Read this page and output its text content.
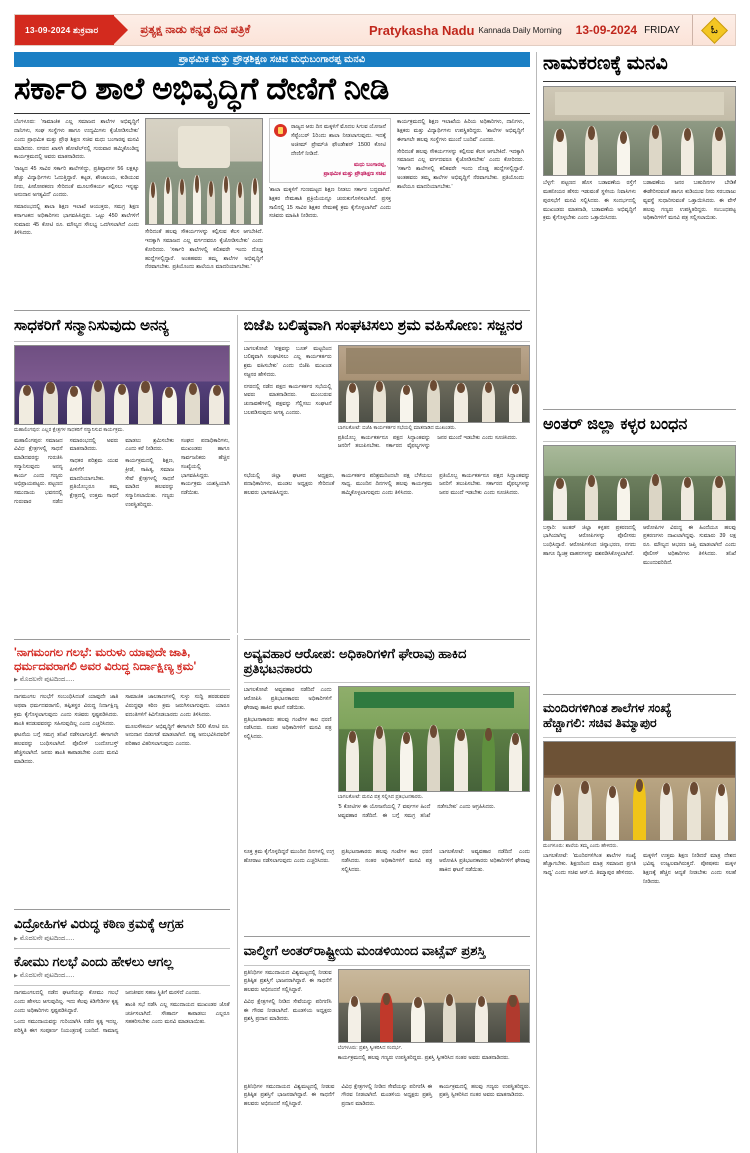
13-09-2024 ಶುಕ್ರವಾರ	ಪ್ರತ್ಯಕ್ಷ ನಾಡು ಕನ್ನಡ ದಿನ ಪತ್ರಿಕೆ	Pratykasha Nadu Kannada Daily Morning 13-09-2024 FRIDAY	ಓ
ಪ್ರಾಥಮಿಕ ಮತ್ತು ಪ್ರೌಢಶಿಕ್ಷಣ ಸಚಿವ ಮಧುಬಂಗಾರಪ್ಪ ಮನವಿ
ಸರ್ಕಾರಿ ಶಾಲೆ ಅಭಿವೃದ್ಧಿಗೆ ದೇಣಿಗೆ ನೀಡಿ

ಬೆಂಗಳೂರು: 'ಸಾಮಾಜಿಕ ಎಲ್ಲ ಸಮಾಜದ ಶಾಲೆಗಳ ಅಭಿವೃದ್ಧಿಗೆ ದಾನಿಗಳು, ಸಂಘ ಸಂಸ್ಥೆಗಳು ಹಾಗೂ ಉದ್ಯಮಿಗಳು ಕೈಜೋಡಿಸಬೇಕು' ಎಂದು ಪ್ರಾಥಮಿಕ ಮತ್ತು ಪ್ರೌಢ ಶಿಕ್ಷಣ ಸಚಿವ ಮಧು ಬಂಗಾರಪ್ಪ ಮನವಿ ಮಾಡಿದರು. ನಗರದ ಖಾಸಗಿ ಹೋಟೆಲ್‌ನಲ್ಲಿ ಗುರುವಾರ ಹಮ್ಮಿಕೊಂಡಿದ್ದ ಕಾರ್ಯಕ್ರಮದಲ್ಲಿ ಅವರು ಮಾತನಾಡಿದರು.

'ರಾಜ್ಯದ 45 ಸಾವಿರ ಸರ್ಕಾರಿ ಶಾಲೆಗಳಿದ್ದು, ಪ್ರತಿಷ್ಠಾನಗಳ 56 ಲಕ್ಷಕ್ಕೂ ಹೆಚ್ಚು ವಿದ್ಯಾರ್ಥಿಗಳು ಓದುತ್ತಿದ್ದಾರೆ. ಕಟ್ಟಡ, ಶೌಚಾಲಯ, ಕುಡಿಯುವ ನೀರು, ಪೀಠೋಪಕರಣ ಸೇರಿದಂತೆ ಮೂಲಸೌಕರ್ಯ ಕಲ್ಪಿಸಲು ಇನ್ನಷ್ಟು ಅನುದಾನ ಅಗತ್ಯವಿದೆ' ಎಂದರು.

ಸಮಾರಂಭದಲ್ಲಿ ಶಾಲಾ ಶಿಕ್ಷಣ ಇಲಾಖೆ ಆಯುಕ್ತರು, ಸಮಗ್ರ ಶಿಕ್ಷಣ ಕರ್ನಾಟಕದ ಅಧಿಕಾರಿಗಳು ಭಾಗವಹಿಸಿದ್ದರು. ಒಟ್ಟು 450 ಶಾಲೆಗಳಿಗೆ ಸುಮಾರು 45 ಕೋಟಿ ರೂ. ಮೌಲ್ಯದ ಸೌಲಭ್ಯ ಒದಗಿಸಲಾಗಿದೆ ಎಂದು ತಿಳಿಸಿದರು.	ಸೇರಿದಂತೆ ಹಲವು ಸೌಕರ್ಯಗಳನ್ನು ಕಲ್ಪಿಸುವ ಕೆಲಸ ಆಗಬೇಕಿದೆ. ಇದಕ್ಕಾಗಿ ಸಮಾಜದ ಎಲ್ಲ ವರ್ಗದವರೂ ಕೈಜೋಡಿಸಬೇಕು' ಎಂದು ಕೋರಿದರು. 'ಸರ್ಕಾರಿ ಶಾಲೆಗಳಲ್ಲಿ ಕಲಿತವರೇ ಇಂದು ದೊಡ್ಡ ಹುದ್ದೆಗಳಲ್ಲಿದ್ದಾರೆ. ಅಂತಹವರು ತಮ್ಮ ಶಾಲೆಗಳ ಅಭಿವೃದ್ಧಿಗೆ ನೆರವಾಗಬೇಕು. ಪ್ರತಿಯೊಂದು ಶಾಲೆಯೂ ಮಾದರಿಯಾಗಬೇಕು.'

ರಾಜ್ಯದ ಆರು ದಿನ ಮಕ್ಕಳಿಗೆ ಮೊದಲ ಸಿಗುವ ಯೋಜನೆ ಸೆಪ್ಟೆಂಬರ್ 1ರಿಂದು ಶಾಲಾ ನೀಡಲಾಗುವುದು. ಇದಕ್ಕೆ ಅಜೀಮ್ ಪ್ರೇಮ್‌ಜಿ ಫೌಂಡೇಶನ್ 1500 ಕೋಟಿ ದೇಣಿಗೆ ನೀಡಿದೆ.
ಮಧು ಬಂಗಾರಪ್ಪ,
ಪ್ರಾಥಮಿಕ ಮತ್ತು ಪ್ರೌಢಶಿಕ್ಷಣ ಸಚಿವ

'ಶಾಲಾ ಮಕ್ಕಳಿಗೆ ಗುಣಮಟ್ಟದ ಶಿಕ್ಷಣ ನೀಡಲು ಸರ್ಕಾರ ಬದ್ಧವಾಗಿದೆ. ಶಿಕ್ಷಕರ ನೇಮಕಾತಿ ಪ್ರಕ್ರಿಯೆಯನ್ನೂ ಚುರುಕುಗೊಳಿಸಲಾಗಿದೆ. ಪ್ರಸಕ್ತ ಸಾಲಿನಲ್ಲಿ 15 ಸಾವಿರ ಶಿಕ್ಷಕರ ನೇಮಕಕ್ಕೆ ಕ್ರಮ ಕೈಗೊಳ್ಳಲಾಗಿದೆ' ಎಂದು ಸಚಿವರು ಮಾಹಿತಿ ನೀಡಿದರು.

ಕಾರ್ಯಕ್ರಮದಲ್ಲಿ ಶಿಕ್ಷಣ ಇಲಾಖೆಯ ಹಿರಿಯ ಅಧಿಕಾರಿಗಳು, ದಾನಿಗಳು, ಶಿಕ್ಷಕರು ಮತ್ತು ವಿದ್ಯಾರ್ಥಿಗಳು ಉಪಸ್ಥಿತರಿದ್ದರು. 'ಶಾಲೆಗಳ ಅಭಿವೃದ್ಧಿಗೆ ಈಗಾಗಲೇ ಹಲವು ಸಂಸ್ಥೆಗಳು ಮುಂದೆ ಬಂದಿವೆ' ಎಂದರು.

ಸೇರಿದಂತೆ ಹಲವು ಸೌಕರ್ಯಗಳನ್ನು ಕಲ್ಪಿಸುವ ಕೆಲಸ ಆಗಬೇಕಿದೆ. ಇದಕ್ಕಾಗಿ ಸಮಾಜದ ಎಲ್ಲ ವರ್ಗದವರೂ ಕೈಜೋಡಿಸಬೇಕು' ಎಂದು ಕೋರಿದರು. 'ಸರ್ಕಾರಿ ಶಾಲೆಗಳಲ್ಲಿ ಕಲಿತವರೇ ಇಂದು ದೊಡ್ಡ ಹುದ್ದೆಗಳಲ್ಲಿದ್ದಾರೆ. ಅಂತಹವರು ತಮ್ಮ ಶಾಲೆಗಳ ಅಭಿವೃದ್ಧಿಗೆ ನೆರವಾಗಬೇಕು. ಪ್ರತಿಯೊಂದು ಶಾಲೆಯೂ ಮಾದರಿಯಾಗಬೇಕು.'

ಸಾಧಕರಿಗೆ ಸನ್ಮಾನಿಸುವುದು ಅನನ್ಯ
ಮಹಾಲಿಂಗಪುರ: ಎಲ್ಲರ ಕ್ಷೇತ್ರಗಳ ಸಾಧಕರಿಗೆ ಸನ್ಮಾನಿಸುವ ಕಾರ್ಯಕ್ರಮ.

ಮಹಾಲಿಂಗಪುರ: ಸಮಾಜದ ವಿವಿಧ ಕ್ಷೇತ್ರಗಳಲ್ಲಿ ಸಾಧನೆ ಮಾಡಿದವರನ್ನು ಗುರುತಿಸಿ ಸನ್ಮಾನಿಸುವುದು ಅನನ್ಯ ಕಾರ್ಯ ಎಂದು ಗಣ್ಯರು ಅಭಿಪ್ರಾಯಪಟ್ಟರು. ಪಟ್ಟಣದ ಸಮುದಾಯ ಭವನದಲ್ಲಿ ಗುರುವಾರ ನಡೆದ ಸಮಾರಂಭದಲ್ಲಿ ಅವರು ಮಾತನಾಡಿದರು.

ಸಾಧಕರ ಪರಿಶ್ರಮ ಯುವ ಪೀಳಿಗೆಗೆ ಮಾದರಿಯಾಗಬೇಕು. ಪ್ರತಿಯೊಬ್ಬರೂ ತಮ್ಮ ಕ್ಷೇತ್ರದಲ್ಲಿ ಉತ್ತಮ ಸಾಧನೆ ಮಾಡಲು ಶ್ರಮಿಸಬೇಕು ಎಂದು ಕರೆ ನೀಡಿದರು.

ಕಾರ್ಯಕ್ರಮದಲ್ಲಿ ಶಿಕ್ಷಣ, ಕ್ರೀಡೆ, ಸಾಹಿತ್ಯ, ಸಮಾಜ ಸೇವೆ ಕ್ಷೇತ್ರಗಳಲ್ಲಿ ಸಾಧನೆ ಮಾಡಿದ ಹಲವರನ್ನು ಸನ್ಮಾನಿಸಲಾಯಿತು. ಗಣ್ಯರು ಉಪಸ್ಥಿತರಿದ್ದರು.

ಸಂಘದ ಪದಾಧಿಕಾರಿಗಳು, ಮುಖಂಡರು ಹಾಗೂ ಸಾರ್ವಜನಿಕರು ಹೆಚ್ಚಿನ ಸಂಖ್ಯೆಯಲ್ಲಿ ಭಾಗವಹಿಸಿದ್ದರು. ಕಾರ್ಯಕ್ರಮ ಯಶಸ್ವಿಯಾಗಿ ನಡೆಯಿತು.

ಬಿಜೆಪಿ ಬಲಿಷ್ಠವಾಗಿ ಸಂಘಟಿಸಲು ಶ್ರಮ ವಹಿಸೋಣ: ಸಜ್ಜನರ

ಬಾಗಲಕೋಟೆ: 'ಪಕ್ಷವನ್ನು ಬೂತ್ ಮಟ್ಟದಿಂದ ಬಲಿಷ್ಠವಾಗಿ ಸಂಘಟಿಸಲು ಎಲ್ಲ ಕಾರ್ಯಕರ್ತರು ಶ್ರಮ ವಹಿಸಬೇಕು' ಎಂದು ಬಿಜೆಪಿ ಮುಖಂಡ ಸಜ್ಜನರ ಹೇಳಿದರು.

ನಗರದಲ್ಲಿ ನಡೆದ ಪಕ್ಷದ ಕಾರ್ಯಕರ್ತರ ಸಭೆಯಲ್ಲಿ ಅವರು ಮಾತನಾಡಿದರು. ಮುಂಬರುವ ಚುನಾವಣೆಗಳಲ್ಲಿ ಪಕ್ಷವನ್ನು ಗೆಲ್ಲಿಸಲು ಸಂಘಟನೆ ಬಲಪಡಿಸುವುದು ಅಗತ್ಯ ಎಂದರು.

ಬಾಗಲಕೋಟೆ: ಬಿಜೆಪಿ ಕಾರ್ಯಕರ್ತರ ಸಭೆಯಲ್ಲಿ ಮಾತನಾಡಿದ ಮುಖಂಡರು.

ಪ್ರತಿಯೊಬ್ಬ ಕಾರ್ಯಕರ್ತನೂ ಪಕ್ಷದ ಸಿದ್ಧಾಂತವನ್ನು ಜನರಿಗೆ ತಲುಪಿಸಬೇಕು. ಸರ್ಕಾರದ ವೈಫಲ್ಯಗಳನ್ನು ಜನರ ಮುಂದೆ ಇಡಬೇಕು ಎಂದು ಸೂಚಿಸಿದರು.

ಸಭೆಯಲ್ಲಿ ಜಿಲ್ಲಾ ಘಟಕದ ಅಧ್ಯಕ್ಷರು, ಪದಾಧಿಕಾರಿಗಳು, ಮಂಡಲ ಅಧ್ಯಕ್ಷರು ಸೇರಿದಂತೆ ಹಲವರು ಭಾಗವಹಿಸಿದ್ದರು.

ಕಾರ್ಯಕರ್ತರ ಪರಿಶ್ರಮದಿಂದಲೇ ಪಕ್ಷ ಬೆಳೆಯಲು ಸಾಧ್ಯ. ಮುಂದಿನ ದಿನಗಳಲ್ಲಿ ಹಲವು ಕಾರ್ಯಕ್ರಮ ಹಮ್ಮಿಕೊಳ್ಳಲಾಗುವುದು ಎಂದು ತಿಳಿಸಿದರು.

ಪ್ರತಿಯೊಬ್ಬ ಕಾರ್ಯಕರ್ತನೂ ಪಕ್ಷದ ಸಿದ್ಧಾಂತವನ್ನು ಜನರಿಗೆ ತಲುಪಿಸಬೇಕು. ಸರ್ಕಾರದ ವೈಫಲ್ಯಗಳನ್ನು ಜನರ ಮುಂದೆ ಇಡಬೇಕು ಎಂದು ಸೂಚಿಸಿದರು.

'ನಾಗಮಂಗಲ ಗಲಭೆ: ಮರುಳು ಯಾವುದೇ ಜಾತಿ,
ಧರ್ಮದವರಾಗಲಿ ಅವರ ವಿರುದ್ಧ ನಿರ್ದಾಕ್ಷಿಣ್ಯ ಕ್ರಮ'
▶ ಮೊದಲನೇ ಪುಟದಿಂದ.....

ನಾಗಮಂಗಲ ಗಲಭೆಗೆ ಸಂಬಂಧಿಸಿದಂತೆ ಯಾವುದೇ ಜಾತಿ ಅಥವಾ ಧರ್ಮದವರಾಗಲಿ, ತಪ್ಪಿತಸ್ಥರ ವಿರುದ್ಧ ನಿರ್ದಾಕ್ಷಿಣ್ಯ ಕ್ರಮ ಕೈಗೊಳ್ಳಲಾಗುವುದು ಎಂದು ಸಚಿವರು ಸ್ಪಷ್ಟಪಡಿಸಿದರು. ಶಾಂತಿ ಕದಡುವವರನ್ನು ಸಹಿಸುವುದಿಲ್ಲ ಎಂದು ಎಚ್ಚರಿಸಿದರು.

ಘಟನೆಯ ಬಗ್ಗೆ ಸಮಗ್ರ ತನಿಖೆ ನಡೆಸಲಾಗುತ್ತಿದೆ. ಈಗಾಗಲೇ ಹಲವರನ್ನು ಬಂಧಿಸಲಾಗಿದೆ. ಪೊಲೀಸ್ ಬಂದೋಬಸ್ತ್ ಹೆಚ್ಚಿಸಲಾಗಿದೆ. ಜನರು ಶಾಂತಿ ಕಾಪಾಡಬೇಕು ಎಂದು ಮನವಿ ಮಾಡಿದರು.

ಸಾಮಾಜಿಕ ಜಾಲತಾಣಗಳಲ್ಲಿ ಸುಳ್ಳು ಸುದ್ದಿ ಹರಡುವವರ ವಿರುದ್ಧವೂ ಕಠಿಣ ಕ್ರಮ ಜರುಗಿಸಲಾಗುವುದು. ಯಾರೂ ವದಂತಿಗಳಿಗೆ ಕಿವಿಗೊಡಬಾರದು ಎಂದು ತಿಳಿಸಿದರು.

ಮೂಲಸೌಕರ್ಯ ಅಭಿವೃದ್ಧಿಗೆ ಈಗಾಗಲೇ 500 ಕೋಟಿ ರೂ. ಅನುದಾನ ಬಿಡುಗಡೆ ಮಾಡಲಾಗಿದೆ. ನಷ್ಟ ಅನುಭವಿಸಿದವರಿಗೆ ಪರಿಹಾರ ವಿತರಿಸಲಾಗುವುದು ಎಂದರು.

ವಿದ್ರೋಹಿಗಳ ವಿರುದ್ಧ ಕಠಿಣ ಕ್ರಮಕ್ಕೆ ಆಗ್ರಹ
▶ ಮೊದಲನೇ ಪುಟದಿಂದ.....
ಕೋಮು ಗಲಭೆ ಎಂದು ಹೇಳಲು ಆಗಲ್ಲ
▶ ಮೊದಲನೇ ಪುಟದಿಂದ.....

ನಾಗಮಂಗಲದಲ್ಲಿ ನಡೆದ ಘಟನೆಯನ್ನು ಕೋಮು ಗಲಭೆ ಎಂದು ಹೇಳಲು ಆಗುವುದಿಲ್ಲ. ಇದು ಕೆಲವು ಕಿಡಿಗೇಡಿಗಳ ಕೃತ್ಯ ಎಂದು ಅಧಿಕಾರಿಗಳು ಸ್ಪಷ್ಟಪಡಿಸಿದ್ದಾರೆ.

ಒಂದು ಸಮುದಾಯವನ್ನು ಗುರಿಯಾಗಿಸಿ ನಡೆದ ಕೃತ್ಯ ಇದಲ್ಲ. ಪರಿಸ್ಥಿತಿ ಈಗ ಸಂಪೂರ್ಣ ನಿಯಂತ್ರಣಕ್ಕೆ ಬಂದಿದೆ. ಸಾಮಾನ್ಯ ಜನಜೀವನ ಸಹಜ ಸ್ಥಿತಿಗೆ ಮರಳಿದೆ ಎಂದರು.

ಶಾಂತಿ ಸಭೆ ನಡೆಸಿ ಎಲ್ಲ ಸಮುದಾಯದ ಮುಖಂಡರ ಜೊತೆ ಚರ್ಚಿಸಲಾಗಿದೆ. ಸೌಹಾರ್ದ ಕಾಪಾಡಲು ಎಲ್ಲರೂ ಸಹಕರಿಸಬೇಕು ಎಂದು ಮನವಿ ಮಾಡಲಾಯಿತು.

ಅವ್ಯವಹಾರ ಆರೋಪ: ಅಧಿಕಾರಿಗಳಿಗೆ ಘೇರಾವು ಹಾಕಿದ ಪ್ರತಿಭಟನಕಾರರು

ಬಾಗಲಕೋಟೆ: ಅವ್ಯವಹಾರ ನಡೆದಿದೆ ಎಂದು ಆರೋಪಿಸಿ ಪ್ರತಿಭಟನಕಾರರು ಅಧಿಕಾರಿಗಳಿಗೆ ಘೇರಾವು ಹಾಕಿದ ಘಟನೆ ನಡೆಯಿತು.

ಪ್ರತಿಭಟನಾಕಾರರು ಹಲವು ಗಂಟೆಗಳ ಕಾಲ ಧರಣಿ ನಡೆಸಿದರು. ನಂತರ ಅಧಿಕಾರಿಗಳಿಗೆ ಮನವಿ ಪತ್ರ ಸಲ್ಲಿಸಿದರು.

ಬಾಗಲಕೋಟೆ: ಮನವಿ ಪತ್ರ ಸಲ್ಲಿಸಿದ ಪ್ರತಿಭಟನಕಾರರು.

'5 ಕೋಟಿಗಳ ಈ ಯೋಜನೆಯಲ್ಲಿ 7 ವರ್ಷಗಳ ಹಿಂದೆ ಅವ್ಯವಹಾರ ನಡೆದಿದೆ. ಈ ಬಗ್ಗೆ ಸಮಗ್ರ ತನಿಖೆ ನಡೆಸಬೇಕು' ಎಂದು ಆಗ್ರಹಿಸಿದರು.

ಸೂಕ್ತ ಕ್ರಮ ಕೈಗೊಳ್ಳದಿದ್ದರೆ ಮುಂದಿನ ದಿನಗಳಲ್ಲಿ ಉಗ್ರ ಹೋರಾಟ ನಡೆಸಲಾಗುವುದು ಎಂದು ಎಚ್ಚರಿಸಿದರು.

ಪ್ರತಿಭಟನಾಕಾರರು ಹಲವು ಗಂಟೆಗಳ ಕಾಲ ಧರಣಿ ನಡೆಸಿದರು. ನಂತರ ಅಧಿಕಾರಿಗಳಿಗೆ ಮನವಿ ಪತ್ರ ಸಲ್ಲಿಸಿದರು.

ಬಾಗಲಕೋಟೆ: ಅವ್ಯವಹಾರ ನಡೆದಿದೆ ಎಂದು ಆರೋಪಿಸಿ ಪ್ರತಿಭಟನಕಾರರು ಅಧಿಕಾರಿಗಳಿಗೆ ಘೇರಾವು ಹಾಕಿದ ಘಟನೆ ನಡೆಯಿತು.

ವಾಲ್ಮೀಗೆ ಅಂತರ್‌ರಾಷ್ಟ್ರೀಯ ಮಂಡಳಿಯಿಂದ ವಾಟ್ಸೆವ್ ಪ್ರಶಸ್ತಿ

ಪ್ರತಿನಿಧಿಗಳ ಸಮುದಾಯದ ವಿಶ್ವಮಟ್ಟದಲ್ಲಿ ನೀಡುವ ಪ್ರತಿಷ್ಠಿತ ಪ್ರಶಸ್ತಿಗೆ ಭಾಜನರಾಗಿದ್ದಾರೆ. ಈ ಸಾಧನೆಗೆ ಹಲವರು ಅಭಿನಂದನೆ ಸಲ್ಲಿಸಿದ್ದಾರೆ.

ವಿವಿಧ ಕ್ಷೇತ್ರಗಳಲ್ಲಿ ನೀಡಿದ ಸೇವೆಯನ್ನು ಪರಿಗಣಿಸಿ ಈ ಗೌರವ ನೀಡಲಾಗಿದೆ. ಮಂಡಳಿಯ ಅಧ್ಯಕ್ಷರು ಪ್ರಶಸ್ತಿ ಪ್ರದಾನ ಮಾಡಿದರು.

ಬೆಂಗಳೂರು: ಪ್ರಶಸ್ತಿ ಸ್ವೀಕರಿಸಿದ ಸಂದರ್ಭ.

ಕಾರ್ಯಕ್ರಮದಲ್ಲಿ ಹಲವು ಗಣ್ಯರು ಉಪಸ್ಥಿತರಿದ್ದರು. ಪ್ರಶಸ್ತಿ ಸ್ವೀಕರಿಸಿದ ನಂತರ ಅವರು ಮಾತನಾಡಿದರು.

ಪ್ರತಿನಿಧಿಗಳ ಸಮುದಾಯದ ವಿಶ್ವಮಟ್ಟದಲ್ಲಿ ನೀಡುವ ಪ್ರತಿಷ್ಠಿತ ಪ್ರಶಸ್ತಿಗೆ ಭಾಜನರಾಗಿದ್ದಾರೆ. ಈ ಸಾಧನೆಗೆ ಹಲವರು ಅಭಿನಂದನೆ ಸಲ್ಲಿಸಿದ್ದಾರೆ.

ವಿವಿಧ ಕ್ಷೇತ್ರಗಳಲ್ಲಿ ನೀಡಿದ ಸೇವೆಯನ್ನು ಪರಿಗಣಿಸಿ ಈ ಗೌರವ ನೀಡಲಾಗಿದೆ. ಮಂಡಳಿಯ ಅಧ್ಯಕ್ಷರು ಪ್ರಶಸ್ತಿ ಪ್ರದಾನ ಮಾಡಿದರು.

ಕಾರ್ಯಕ್ರಮದಲ್ಲಿ ಹಲವು ಗಣ್ಯರು ಉಪಸ್ಥಿತರಿದ್ದರು. ಪ್ರಶಸ್ತಿ ಸ್ವೀಕರಿಸಿದ ನಂತರ ಅವರು ಮಾತನಾಡಿದರು.

ನಾಮಕರಣಕ್ಕೆ ಮನವಿ

ಬೆಳ್ಳಗೆ: ಪಟ್ಟಣದ ಹೊಸ ಬಡಾವಣೆಯ ರಸ್ತೆಗೆ ಮಹನೀಯರ ಹೆಸರು ಇಡುವಂತೆ ಸ್ಥಳೀಯ ನಿವಾಸಿಗಳು ಪುರಸಭೆಗೆ ಮನವಿ ಸಲ್ಲಿಸಿದರು. ಈ ಸಂದರ್ಭದಲ್ಲಿ ಮುಖಂಡರು ಮಾತನಾಡಿ, ಬಡಾವಣೆಯ ಅಭಿವೃದ್ಧಿಗೆ ಕ್ರಮ ಕೈಗೊಳ್ಳಬೇಕು ಎಂದು ಒತ್ತಾಯಿಸಿದರು.

ಬಡಾವಣೆಯ ಜನರ ಬಹುದಿನಗಳ ಬೇಡಿಕೆ ಈಡೇರಿಸುವಂತೆ ಹಾಗೂ ಕುಡಿಯುವ ನೀರು ಸರಬರಾಜು ವ್ಯವಸ್ಥೆ ಸುಧಾರಿಸುವಂತೆ ಒತ್ತಾಯಿಸಿದರು. ಈ ವೇಳೆ ಹಲವು ಗಣ್ಯರು ಉಪಸ್ಥಿತರಿದ್ದರು. ಸಂಬಂಧಪಟ್ಟ ಅಧಿಕಾರಿಗಳಿಗೆ ಮನವಿ ಪತ್ರ ಸಲ್ಲಿಸಲಾಯಿತು.

ಅಂತರ್ ಜಿಲ್ಲಾ ಕಳ್ಳರ ಬಂಧನ

ಬಳ್ಳಾರಿ: ಅಂತರ್ ಜಿಲ್ಲಾ ಕಳ್ಳತನ ಪ್ರಕರಣದಲ್ಲಿ ಭಾಗಿಯಾಗಿದ್ದ ಆರೋಪಿಗಳನ್ನು ಪೊಲೀಸರು ಬಂಧಿಸಿದ್ದಾರೆ. ಆರೋಪಿಗಳಿಂದ ಚಿನ್ನಾಭರಣ, ನಗದು ಹಾಗೂ ದ್ವಿಚಕ್ರ ವಾಹನಗಳನ್ನು ವಶಪಡಿಸಿಕೊಳ್ಳಲಾಗಿದೆ.

ಆರೋಪಿಗಳ ವಿರುದ್ಧ ಈ ಹಿಂದೆಯೂ ಹಲವು ಪ್ರಕರಣಗಳು ದಾಖಲಾಗಿದ್ದವು. ಸುಮಾರು 39 ಲಕ್ಷ ರೂ. ಮೌಲ್ಯದ ಆಭರಣ ಜಪ್ತಿ ಮಾಡಲಾಗಿದೆ ಎಂದು ಪೊಲೀಸ್ ಅಧಿಕಾರಿಗಳು ತಿಳಿಸಿದರು. ತನಿಖೆ ಮುಂದುವರಿದಿದೆ.

ಮಂದಿರಗಳಿಗಿಂತ ಶಾಲೆಗಳ ಸಂಖ್ಯೆ
ಹೆಚ್ಚಾಗಲಿ: ಸಚಿವ ತಿಮ್ಮಾಪುರ
ಮಂಗಳೂರು: ಶಾಲೆಯ ತಮ್ಮ ಎಂದು ಹೇಳಿದರು.

ಬಾಗಲಕೋಟೆ: 'ಮಂದಿರಗಳಿಗಿಂತ ಶಾಲೆಗಳ ಸಂಖ್ಯೆ ಹೆಚ್ಚಾಗಬೇಕು. ಶಿಕ್ಷಣದಿಂದ ಮಾತ್ರ ಸಮಾಜದ ಪ್ರಗತಿ ಸಾಧ್ಯ' ಎಂದು ಸಚಿವ ಆರ್.ಬಿ. ತಿಮ್ಮಾಪುರ ಹೇಳಿದರು.

ಮಕ್ಕಳಿಗೆ ಉತ್ತಮ ಶಿಕ್ಷಣ ನೀಡಿದರೆ ಮಾತ್ರ ದೇಶದ ಭವಿಷ್ಯ ಉಜ್ವಲವಾಗಿರುತ್ತದೆ. ಪೋಷಕರು ಮಕ್ಕಳ ಶಿಕ್ಷಣಕ್ಕೆ ಹೆಚ್ಚಿನ ಆದ್ಯತೆ ನೀಡಬೇಕು ಎಂದು ಸಲಹೆ ನೀಡಿದರು.
